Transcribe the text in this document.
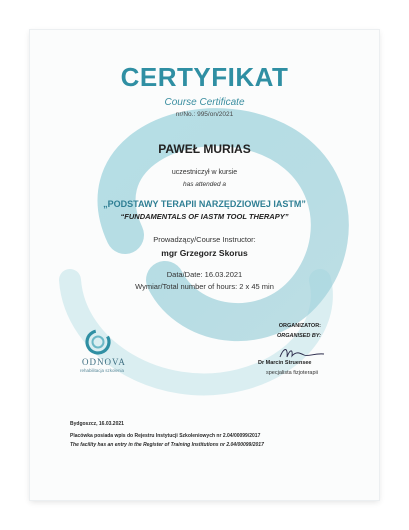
CERTYFIKAT
Course Certificate
nr/No.: 995/on/2021
PAWEŁ MURIAS
uczestniczył w kursie
has attended a
„PODSTAWY TERAPII NARZĘDZIOWEJ IASTM”
“FUNDAMENTALS OF IASTM TOOL THERAPY”
Prowadzący/Course Instructor:
mgr Grzegorz Skorus
Data/Date: 16.03.2021
Wymiar/Total number of hours: 2 x 45 min
ORGANIZATOR:
ORGANISED BY:
Dr Marcin Struensee
specjalista fizjoterapii
ODNOVA
rehabilitacja szkolenia
Bydgoszcz, 16.03.2021
Placówka posiada wpis do Rejestru Instytucji Szkoleniowych nr 2.04/00099/2017
The facility has an entry in the Register of Training Institutions nr 2.04/00099/2017
